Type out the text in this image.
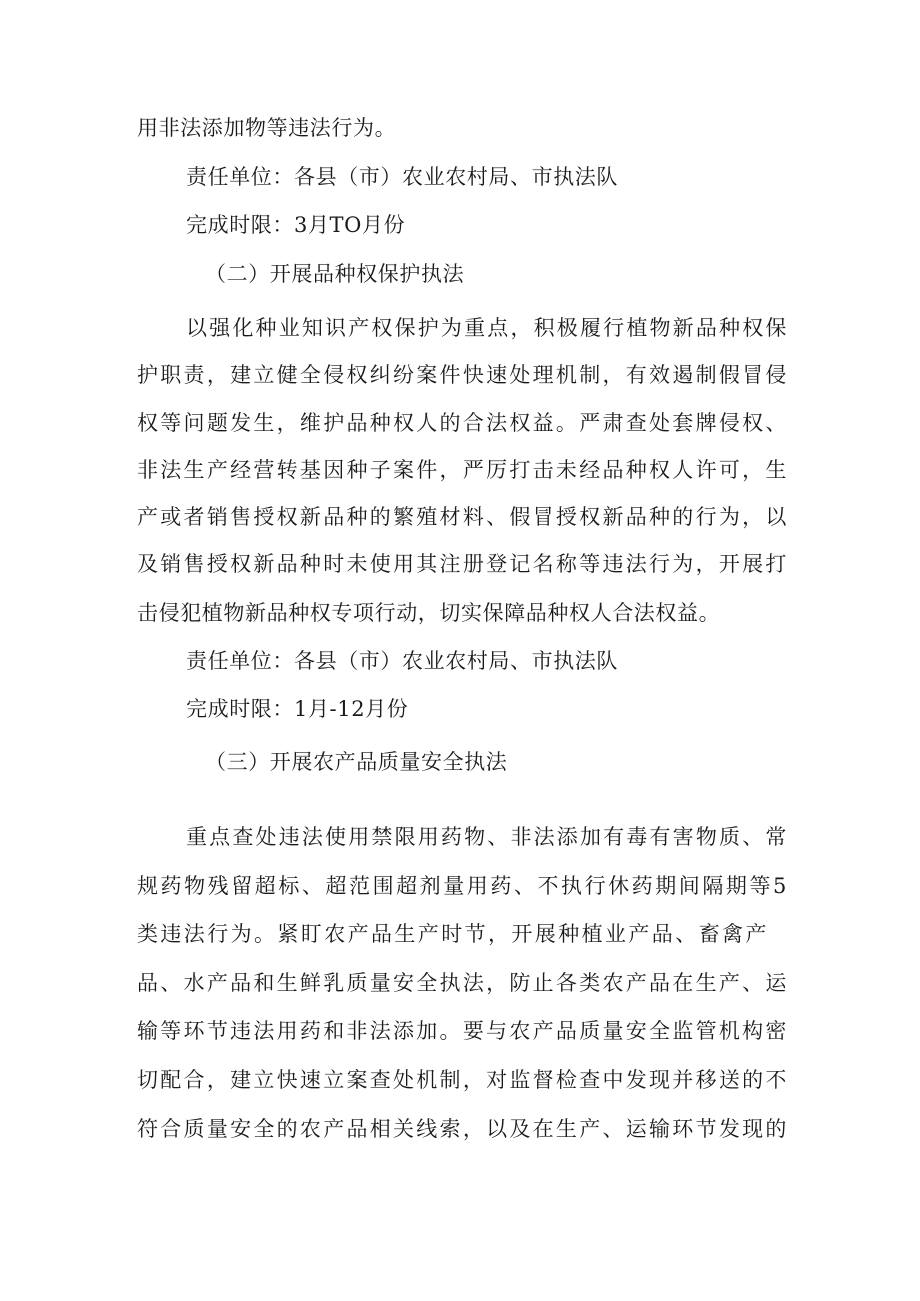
用非法添加物等违法行为。
责任单位：各县（市）农业农村局、市执法队
完成时限：3月TO月份
（二）开展品种权保护执法
以强化种业知识产权保护为重点，积极履行植物新品种权保
护职责，建立健全侵权纠纷案件快速处理机制，有效遏制假冒侵
权等问题发生，维护品种权人的合法权益。严肃查处套牌侵权、
非法生产经营转基因种子案件，严厉打击未经品种权人许可，生
产或者销售授权新品种的繁殖材料、假冒授权新品种的行为，以
及销售授权新品种时未使用其注册登记名称等违法行为，开展打
击侵犯植物新品种权专项行动，切实保障品种权人合法权益。
责任单位：各县（市）农业农村局、市执法队
完成时限：1月-12月份
（三）开展农产品质量安全执法
重点查处违法使用禁限用药物、非法添加有毒有害物质、常
规药物残留超标、超范围超剂量用药、不执行休药期间隔期等5
类违法行为。紧盯农产品生产时节，开展种植业产品、畜禽产
品、水产品和生鲜乳质量安全执法，防止各类农产品在生产、运
输等环节违法用药和非法添加。要与农产品质量安全监管机构密
切配合，建立快速立案查处机制，对监督检查中发现并移送的不
符合质量安全的农产品相关线索，以及在生产、运输环节发现的
